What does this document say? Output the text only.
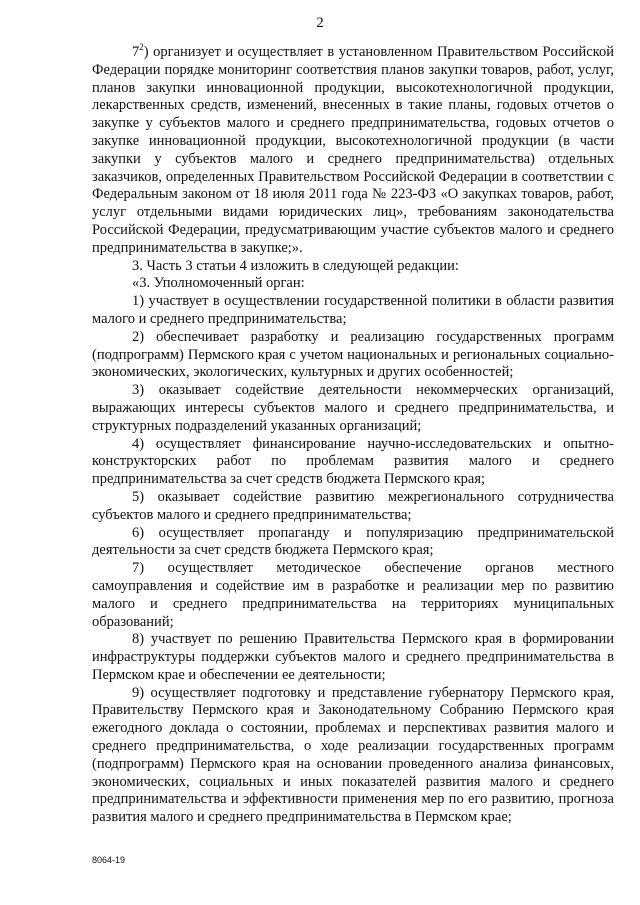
2

$7^2$) организует и осуществляет в установленном Правительством Российской Федерации порядке мониторинг соответствия планов закупки товаров, работ, услуг, планов закупки инновационной продукции, высокотехнологичной продукции, лекарственных средств, изменений, внесенных в такие планы, годовых отчетов о закупке у субъектов малого и среднего предпринимательства, годовых отчетов о закупке инновационной продукции, высокотехнологичной продукции (в части закупки у субъектов малого и среднего предпринимательства) отдельных заказчиков, определенных Правительством Российской Федерации в соответствии с Федеральным законом от 18 июля 2011 года № 223-ФЗ «О закупках товаров, работ, услуг отдельными видами юридических лиц», требованиям законодательства Российской Федерации, предусматривающим участие субъектов малого и среднего предпринимательства в закупке;».

3. Часть 3 статьи 4 изложить в следующей редакции:

«3. Уполномоченный орган:

1) участвует в осуществлении государственной политики в области развития малого и среднего предпринимательства;

2) обеспечивает разработку и реализацию государственных программ (подпрограмм) Пермского края с учетом национальных и региональных социально-экономических, экологических, культурных и других особенностей;

3) оказывает содействие деятельности некоммерческих организаций, выражающих интересы субъектов малого и среднего предпринимательства, и структурных подразделений указанных организаций;

4) осуществляет финансирование научно-исследовательских и опытно-конструкторских работ по проблемам развития малого и среднего предпринимательства за счет средств бюджета Пермского края;

5) оказывает содействие развитию межрегионального сотрудничества субъектов малого и среднего предпринимательства;

6) осуществляет пропаганду и популяризацию предпринимательской деятельности за счет средств бюджета Пермского края;

7) осуществляет методическое обеспечение органов местного самоуправления и содействие им в разработке и реализации мер по развитию малого и среднего предпринимательства на территориях муниципальных образований;

8) участвует по решению Правительства Пермского края в формировании инфраструктуры поддержки субъектов малого и среднего предпринимательства в Пермском крае и обеспечении ее деятельности;

9) осуществляет подготовку и представление губернатору Пермского края, Правительству Пермского края и Законодательному Собранию Пермского края ежегодного доклада о состоянии, проблемах и перспективах развития малого и среднего предпринимательства, о ходе реализации государственных программ (подпрограмм) Пермского края на основании проведенного анализа финансовых, экономических, социальных и иных показателей развития малого и среднего предпринимательства и эффективности применения мер по его развитию, прогноза развития малого и среднего предпринимательства в Пермском крае;

8064-19
